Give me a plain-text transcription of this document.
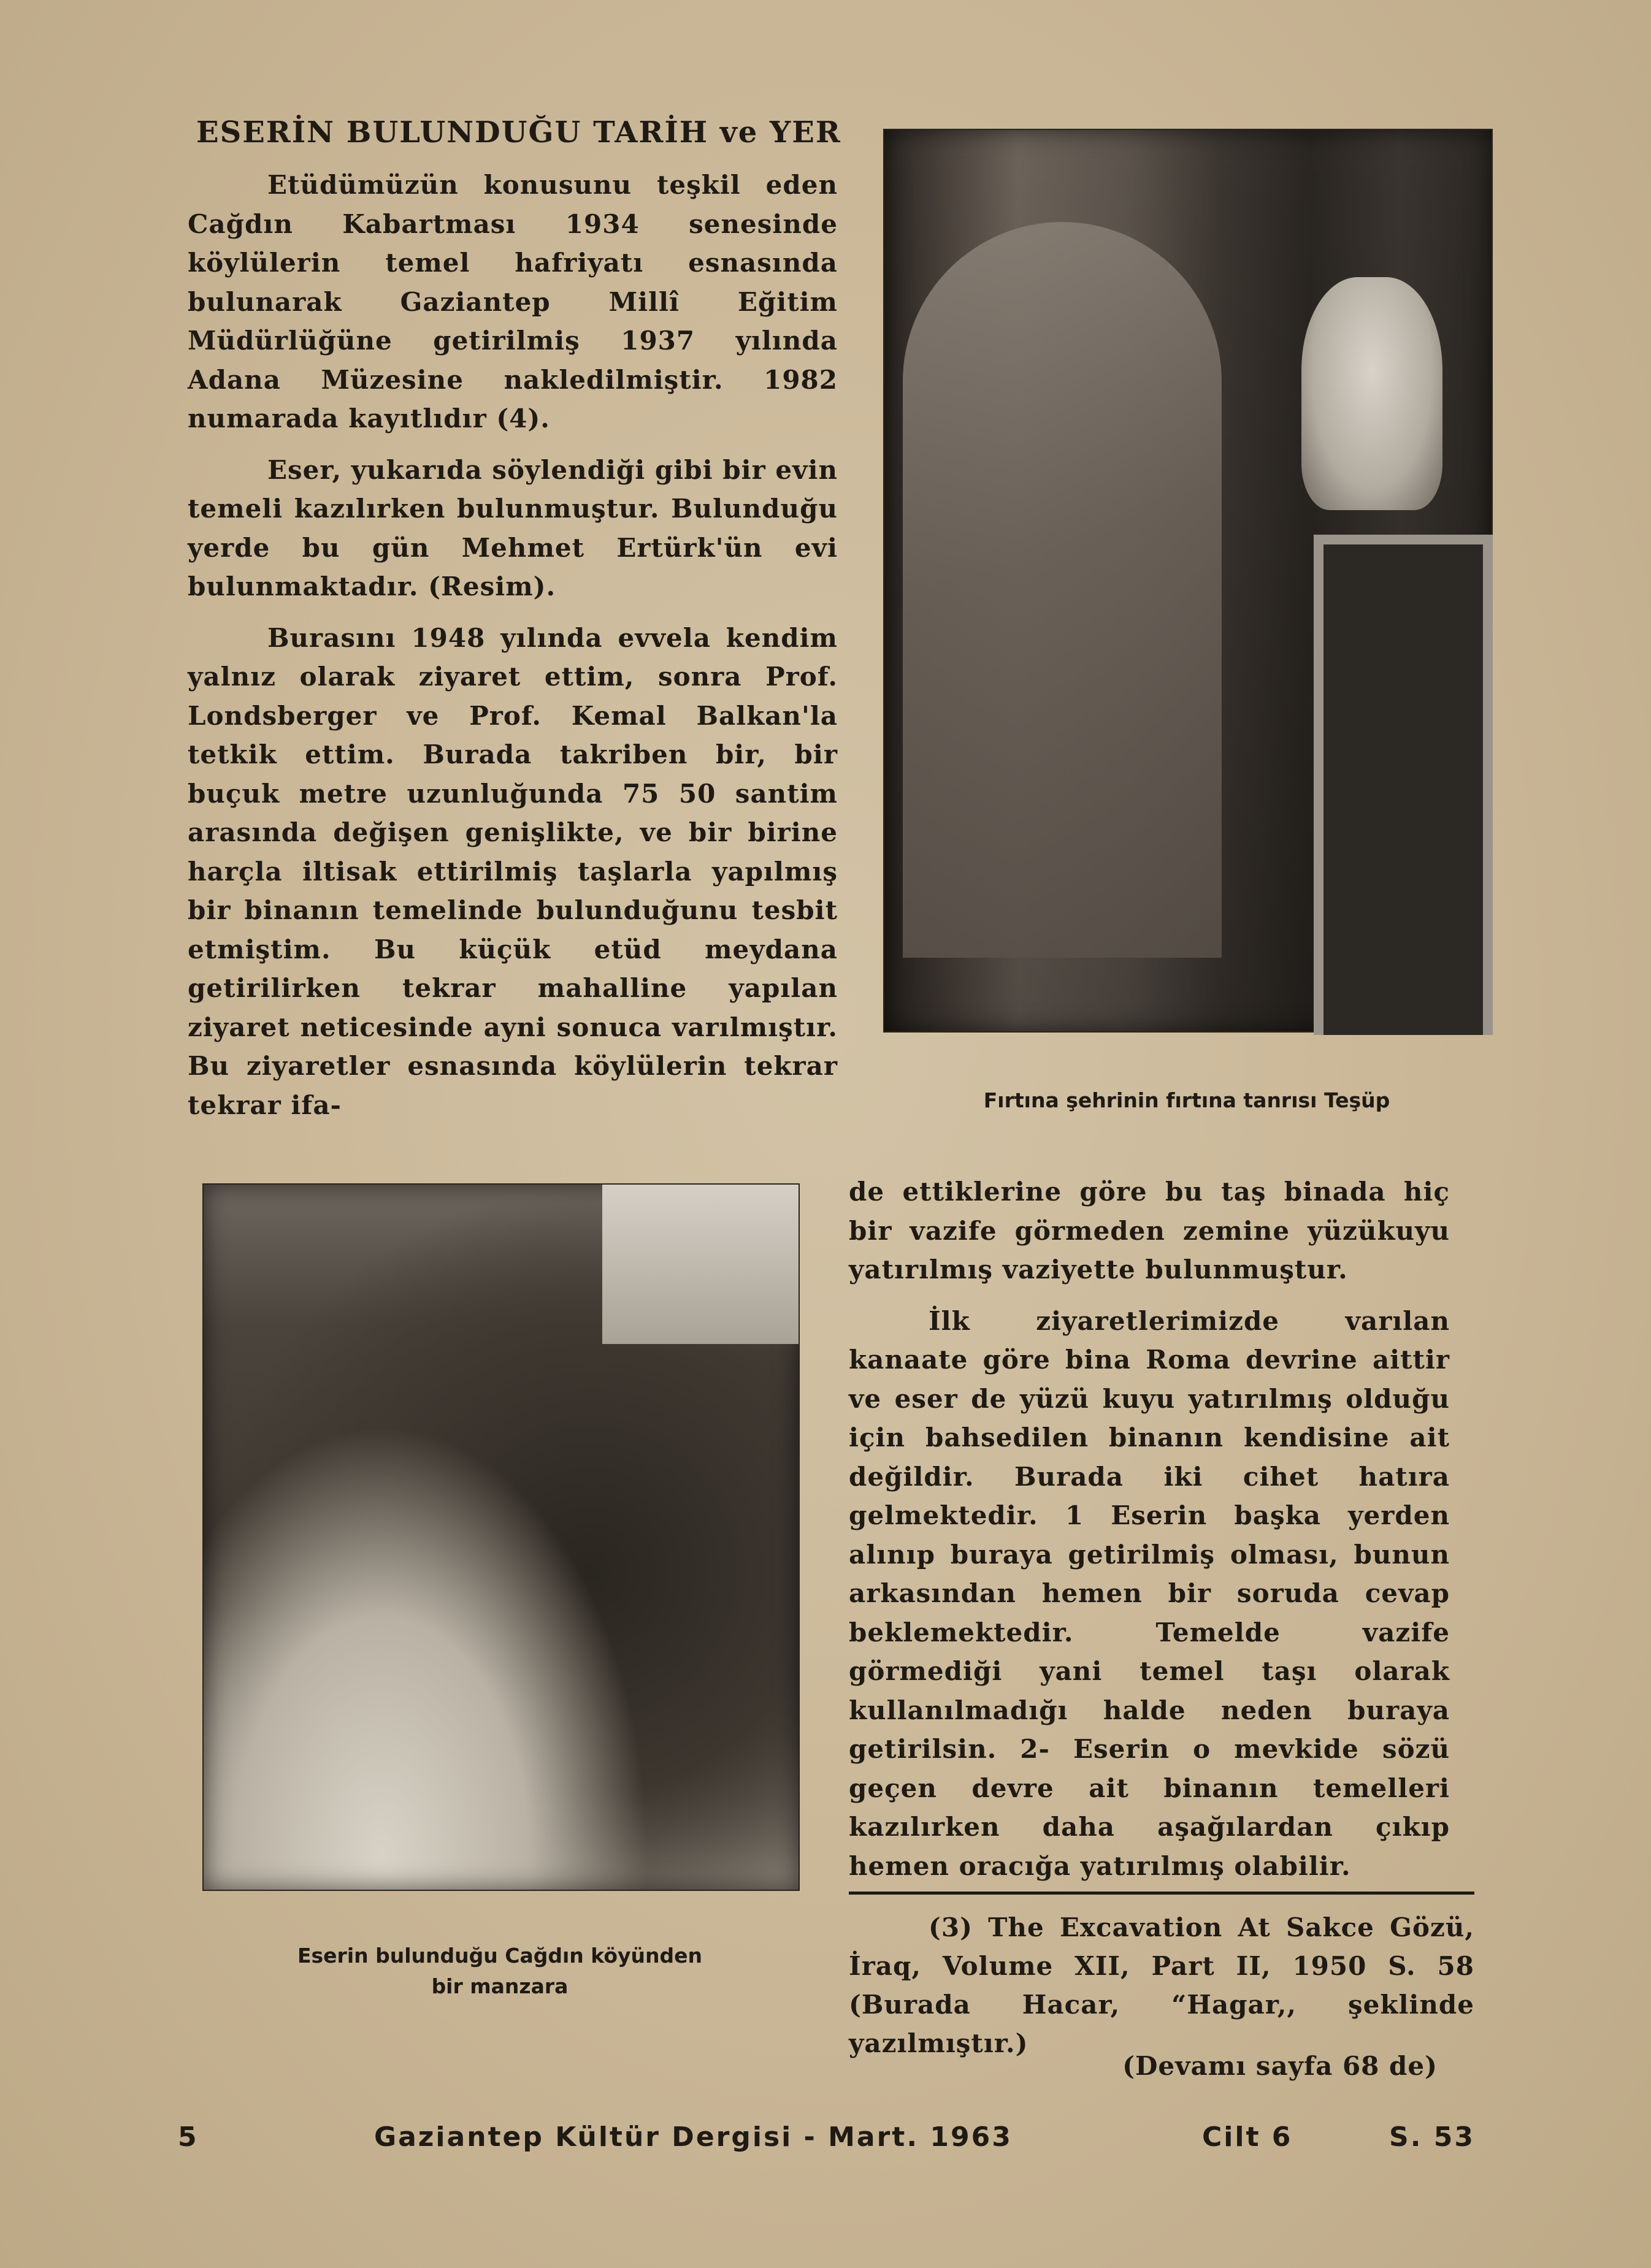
ESERİN BULUNDUĞU TARİH ve YER

Etüdümüzün konusunu teşkil eden Cağdın Kabartması 1934 senesinde köylülerin temel hafriyatı esnasında bulunarak Gaziantep Millî Eğitim Müdürlüğüne getirilmiş 1937 yılında Adana Müzesine nakledilmiştir. 1982 numarada kayıtlıdır (4).

Eser, yukarıda söylendiği gibi bir evin temeli kazılırken bulunmuştur. Bulunduğu yerde bu gün Mehmet Ertürk'ün evi bulunmaktadır. (Resim).

Burasını 1948 yılında evvela kendim yalnız olarak ziyaret ettim, sonra Prof. Londsberger ve Prof. Kemal Balkan'la tetkik ettim. Burada takriben bir, bir buçuk metre uzunluğunda 75 50 santim arasında değişen genişlikte, ve bir birine harçla iltisak ettirilmiş taşlarla yapılmış bir binanın temelinde bulunduğunu tesbit etmiştim. Bu küçük etüd meydana getirilirken tekrar mahalline yapılan ziyaret neticesinde ayni sonuca varılmıştır. Bu ziyaretler esnasında köylülerin tekrar tekrar ifa-	Fırtına şehrinin fırtına tanrısı Teşüp
Eserin bulunduğu Cağdın köyünden
bir manzara

de ettiklerine göre bu taş binada hiç bir vazife görmeden zemine yüzükuyu yatırılmış vaziyette bulunmuştur.

İlk ziyaretlerimizde varılan kanaate göre bina Roma devrine aittir ve eser de yüzü kuyu yatırılmış olduğu için bahsedilen binanın kendisine ait değildir. Burada iki cihet hatıra gelmektedir. 1 Eserin başka yerden alınıp buraya getirilmiş olması, bunun arkasından hemen bir soruda cevap beklemektedir. Temelde vazife görmediği yani temel taşı olarak kullanılmadığı halde neden buraya getirilsin. 2- Eserin o mevkide sözü geçen devre ait binanın temelleri kazılırken daha aşağılardan çıkıp hemen oracığa yatırılmış olabilir.

(3) The Excavation At Sakce Gözü, İraq, Volume XII, Part II, 1950 S. 58 (Burada Hacar, “Hagar,, şeklinde yazılmıştır.)

(Devamı sayfa 68 de)
5	Gaziantep Kültür Dergisi - Mart. 1963	Cilt 6	S. 53
